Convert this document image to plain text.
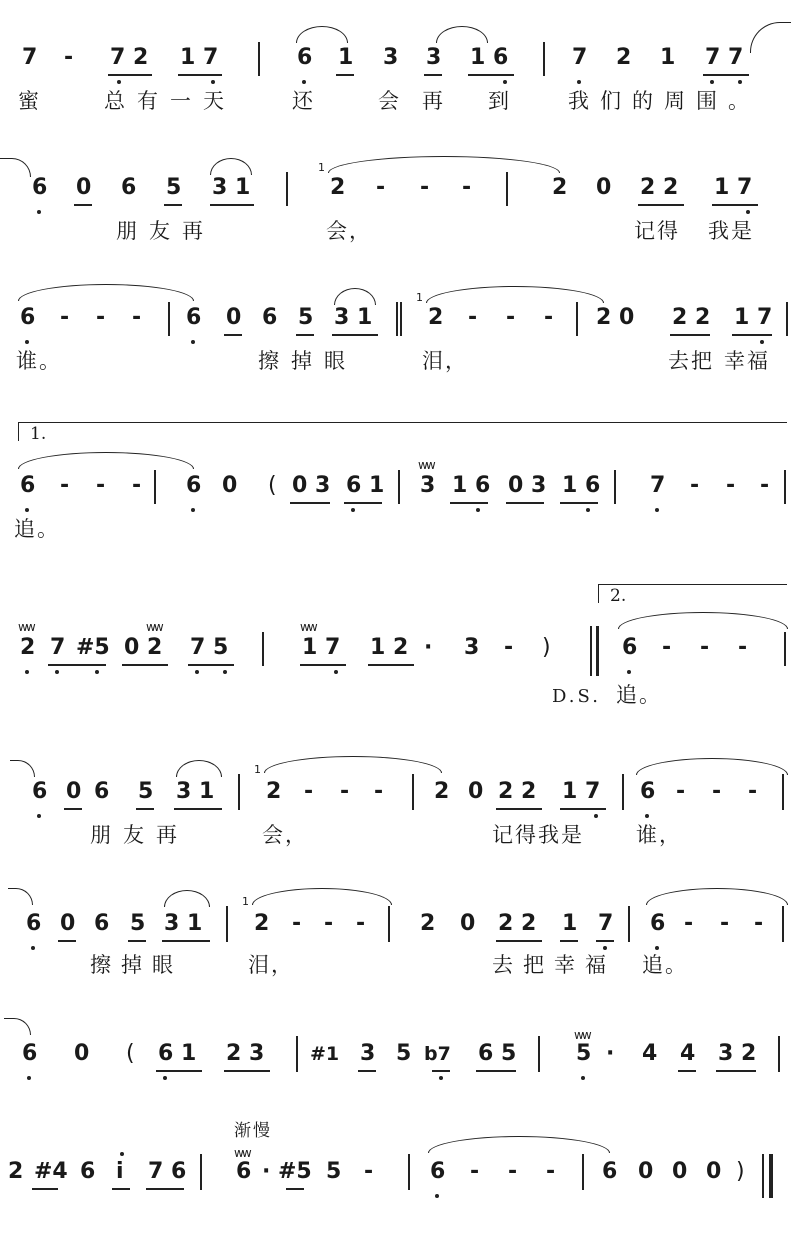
7 - 7 2 1 7	6 1 3 3 1 6	7 2 1 7 7
蜜	总有一天	还	会 再 到	我们的周围。
6 0 6 5 3 1
1
2 - - -	2 0 2 2 1 7
朋友再	会，	记得 我是
6 - - - 6 0 6 5 3 1
1
2 - - - 2 0 2 2 1 7
谁。	擦掉眼	泪，	去把 幸福
1.
6 - - - 6 0 ( 0 3 6 1
ww
3 1 6 0 3 1 6 7 - - -
追。
2.
ww
2 7 #5
ww
0 2 7 5
ww
1 7 1 2 · 3 - )	6 - - -
D.S. 追。
6 0 6 5 3 1
1
2 - - - 2 0 2 2 1 7 6 - - -
朋友再	会，	记得我是 谁，
6 0 6 5 3 1
1
2 - - - 2 0 2 2 1 7 6 - - -
擦掉眼	泪，	去把幸福 追。
6 0 ( 6 1 2 3 #1 3 5 b7 6 5
ww
5 · 4 4 3 2
渐慢
2 #4 6 i 7 6
ww
6 · #5 5 -	6 - - - 6 0 0 0 )
